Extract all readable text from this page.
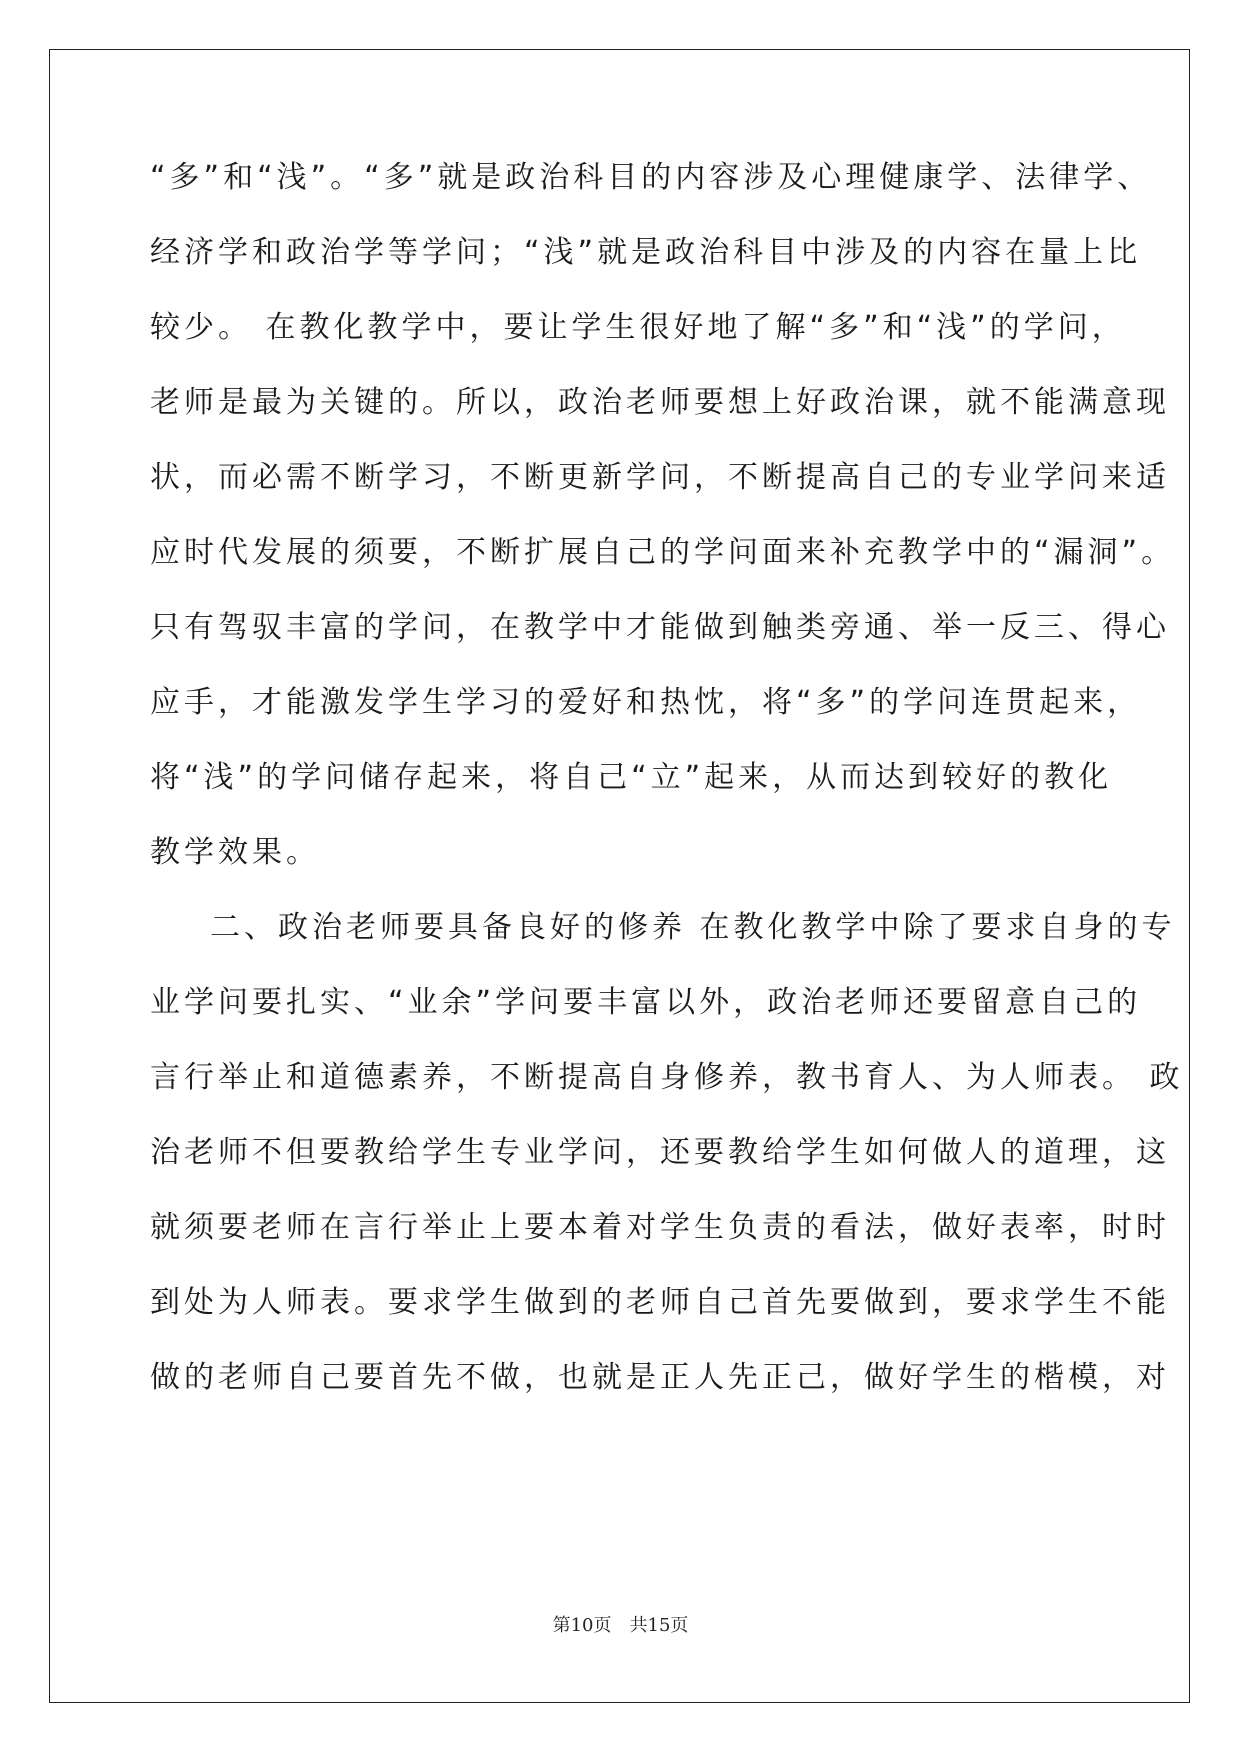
“多”和“浅”。“多”就是政治科目的内容涉及心理健康学、法律学、
经济学和政治学等学问；“浅”就是政治科目中涉及的内容在量上比
较少。 在教化教学中，要让学生很好地了解“多”和“浅”的学问，
老师是最为关键的。所以，政治老师要想上好政治课，就不能满意现
状，而必需不断学习，不断更新学问，不断提高自己的专业学问来适
应时代发展的须要，不断扩展自己的学问面来补充教学中的“漏洞”。
只有驾驭丰富的学问，在教学中才能做到触类旁通、举一反三、得心
应手，才能激发学生学习的爱好和热忱，将“多”的学问连贯起来，
将“浅”的学问储存起来，将自己“立”起来，从而达到较好的教化
教学效果。
二、政治老师要具备良好的修养 在教化教学中除了要求自身的专
业学问要扎实、“业余”学问要丰富以外，政治老师还要留意自己的
言行举止和道德素养，不断提高自身修养，教书育人、为人师表。 政
治老师不但要教给学生专业学问，还要教给学生如何做人的道理，这
就须要老师在言行举止上要本着对学生负责的看法，做好表率，时时
到处为人师表。要求学生做到的老师自己首先要做到，要求学生不能
做的老师自己要首先不做，也就是正人先正己，做好学生的楷模，对
第10页　共15页
